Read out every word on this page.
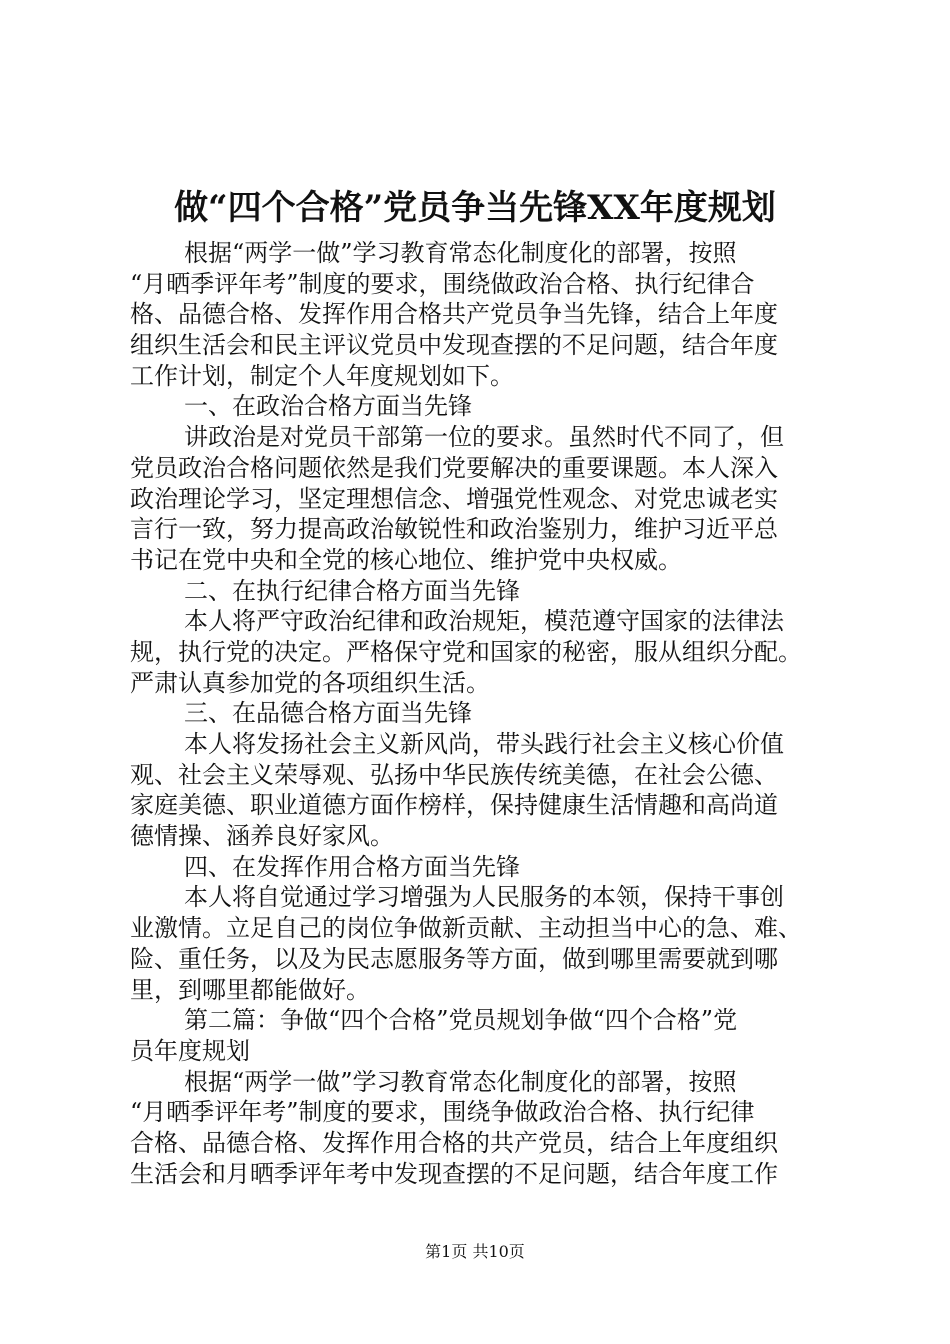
做“四个合格”党员争当先锋XX年度规划
根据“两学一做”学习教育常态化制度化的部署，按照
“月晒季评年考”制度的要求，围绕做政治合格、执行纪律合
格、品德合格、发挥作用合格共产党员争当先锋，结合上年度
组织生活会和民主评议党员中发现查摆的不足问题，结合年度
工作计划，制定个人年度规划如下。
一、在政治合格方面当先锋
讲政治是对党员干部第一位的要求。虽然时代不同了，但
党员政治合格问题依然是我们党要解决的重要课题。本人深入
政治理论学习，坚定理想信念、增强党性观念、对党忠诚老实
言行一致，努力提高政治敏锐性和政治鉴别力，维护习近平总
书记在党中央和全党的核心地位、维护党中央权威。
二、在执行纪律合格方面当先锋
本人将严守政治纪律和政治规矩，模范遵守国家的法律法
规，执行党的决定。严格保守党和国家的秘密，服从组织分配。
严肃认真参加党的各项组织生活。
三、在品德合格方面当先锋
本人将发扬社会主义新风尚，带头践行社会主义核心价值
观、社会主义荣辱观、弘扬中华民族传统美德，在社会公德、
家庭美德、职业道德方面作榜样，保持健康生活情趣和高尚道
德情操、涵养良好家风。
四、在发挥作用合格方面当先锋
本人将自觉通过学习增强为人民服务的本领，保持干事创
业激情。立足自己的岗位争做新贡献、主动担当中心的急、难、
险、重任务，以及为民志愿服务等方面，做到哪里需要就到哪
里，到哪里都能做好。
第二篇：争做“四个合格”党员规划争做“四个合格”党
员年度规划
根据“两学一做”学习教育常态化制度化的部署，按照
“月晒季评年考”制度的要求，围绕争做政治合格、执行纪律
合格、品德合格、发挥作用合格的共产党员，结合上年度组织
生活会和月晒季评年考中发现查摆的不足问题，结合年度工作
第1页 共10页
